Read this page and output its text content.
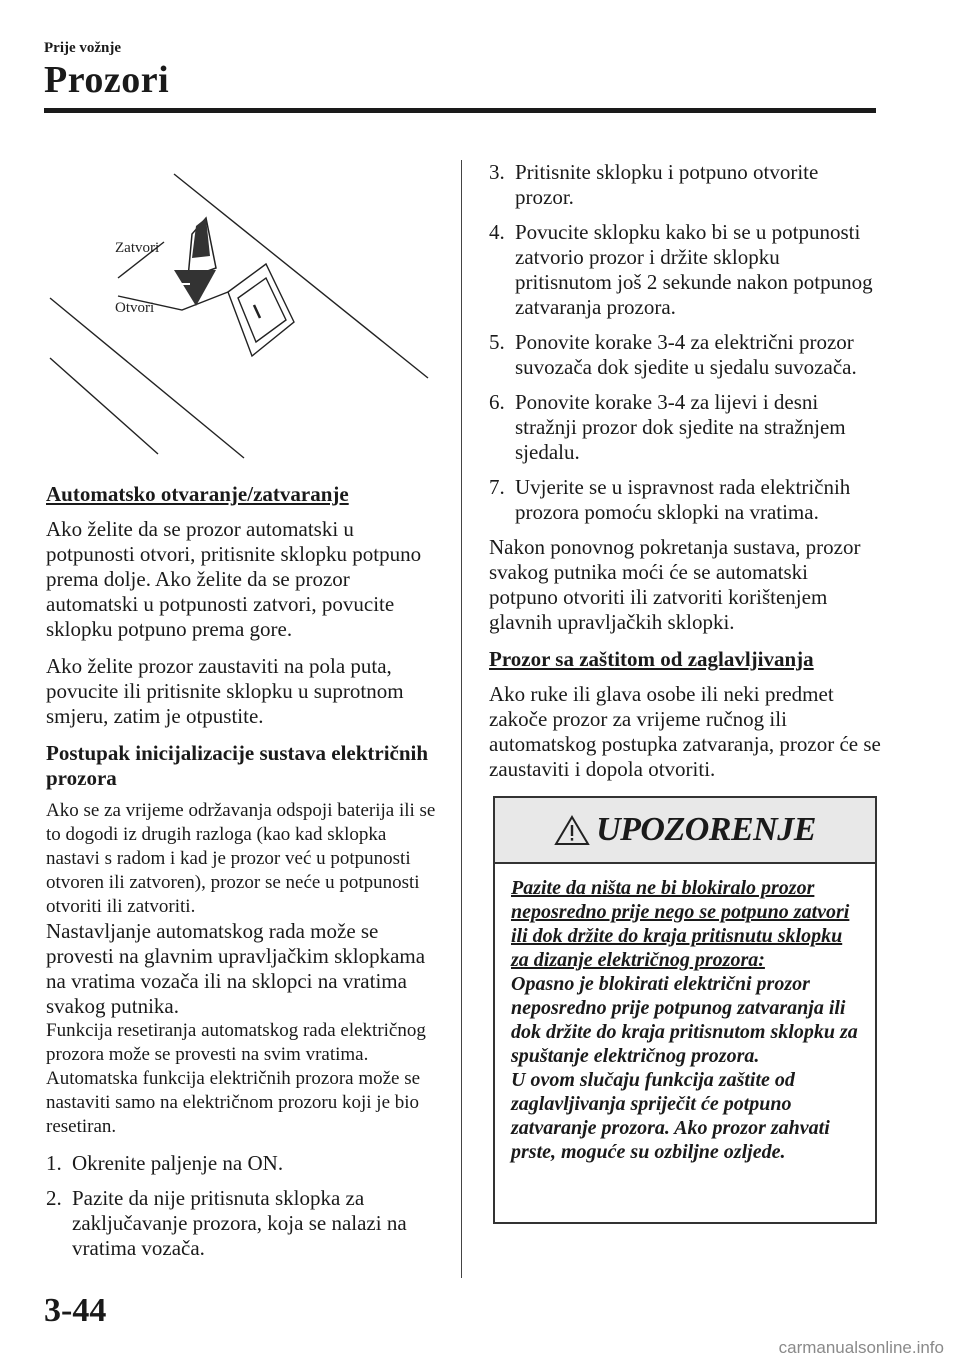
Prije vožnje
Prozori
Zatvori
Otvori
Automatsko otvaranje/zatvaranje

Ako želite da se prozor automatski u potpunosti otvori, pritisnite sklopku potpuno prema dolje. Ako želite da se prozor automatski u potpunosti zatvori, povucite sklopku potpuno prema gore.

Ako želite prozor zaustaviti na pola puta, povucite ili pritisnite sklopku u suprotnom smjeru, zatim je otpustite.

Postupak inicijalizacije sustava električnih prozora

Ako se za vrijeme održavanja odspoji baterija ili se to dogodi iz drugih razloga (kao kad sklopka nastavi s radom i kad je prozor već u potpunosti otvoren ili zatvoren), prozor se neće u potpunosti otvoriti ili zatvoriti.

Nastavljanje automatskog rada može se provesti na glavnim upravljačkim sklopkama na vratima vozača ili na sklopci na vratima svakog putnika.

Funkcija resetiranja automatskog rada električnog prozora može se provesti na svim vratima. Automatska funkcija električnih prozora može se nastaviti samo na električnom prozoru koji je bio resetiran.

1. Okrenite paljenje na ON.
2. Pazite da nije pritisnuta sklopka za zaključavanje prozora, koja se nalazi na vratima vozača.
3. Pritisnite sklopku i potpuno otvorite prozor.
4. Povucite sklopku kako bi se u potpunosti zatvorio prozor i držite sklopku pritisnutom još 2 sekunde nakon potpunog zatvaranja prozora.
5. Ponovite korake 3-4 za električni prozor suvozača dok sjedite u sjedalu suvozača.
6. Ponovite korake 3-4 za lijevi i desni stražnji prozor dok sjedite na stražnjem sjedalu.
7. Uvjerite se u ispravnost rada električnih prozora pomoću sklopki na vratima.

Nakon ponovnog pokretanja sustava, prozor svakog putnika moći će se automatski potpuno otvoriti ili zatvoriti korištenjem glavnih upravljačkih sklopki.

Prozor sa zaštitom od zaglavljivanja

Ako ruke ili glava osobe ili neki predmet zakoče prozor za vrijeme ručnog ili automatskog postupka zatvaranja, prozor će se zaustaviti i dopola otvoriti.

UPOZORENJE
Pazite da ništa ne bi blokiralo prozor neposredno prije nego se potpuno zatvori ili dok držite do kraja pritisnutu sklopku za dizanje električnog prozora:
Opasno je blokirati električni prozor neposredno prije potpunog zatvaranja ili dok držite do kraja pritisnutom sklopku za spuštanje električnog prozora.
U ovom slučaju funkcija zaštite od zaglavljivanja spriječit će potpuno zatvaranje prozora. Ako prozor zahvati prste, moguće su ozbiljne ozljede.
3-44
carmanualsonline.info
